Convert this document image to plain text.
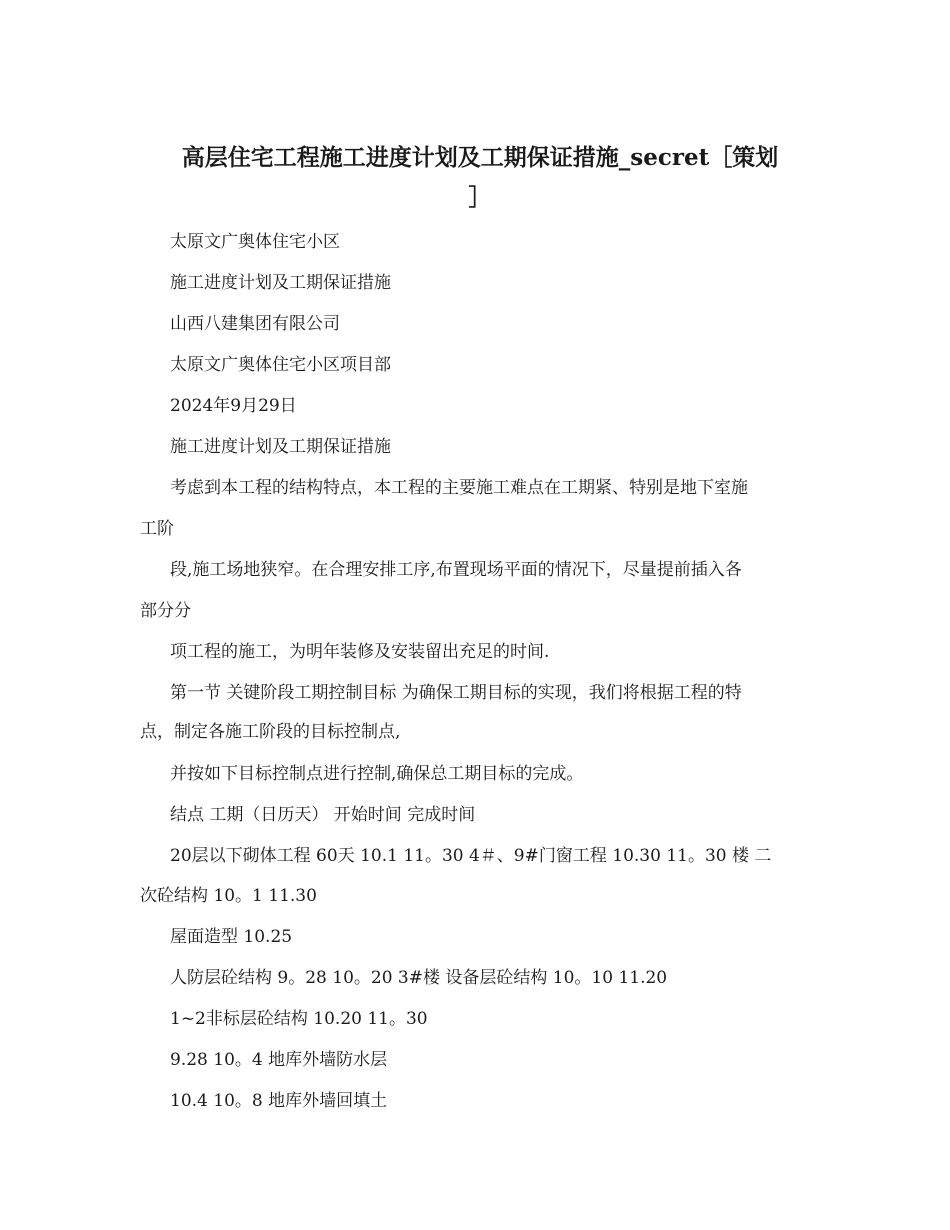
高层住宅工程施工进度计划及工期保证措施_secret［策划
］
太原文广奥体住宅小区
施工进度计划及工期保证措施
山西八建集团有限公司
太原文广奥体住宅小区项目部
2024年9月29日
施工进度计划及工期保证措施
考虑到本工程的结构特点，本工程的主要施工难点在工期紧、特别是地下室施
工阶
段,施工场地狭窄。在合理安排工序,布置现场平面的情况下，尽量提前插入各
部分分
项工程的施工，为明年装修及安装留出充足的时间.
第一节 关键阶段工期控制目标 为确保工期目标的实现，我们将根据工程的特
点，制定各施工阶段的目标控制点,
并按如下目标控制点进行控制,确保总工期目标的完成。
结点 工期（日历天） 开始时间 完成时间
20层以下砌体工程 60天 10.1 11。30 4＃、9#门窗工程 10.30 11。30 楼 二
次砼结构 10。1 11.30
屋面造型 10.25
人防层砼结构 9。28 10。20 3#楼 设备层砼结构 10。10 11.20
1~2非标层砼结构 10.20 11。30
9.28 10。4 地库外墙防水层
10.4 10。8 地库外墙回填土
